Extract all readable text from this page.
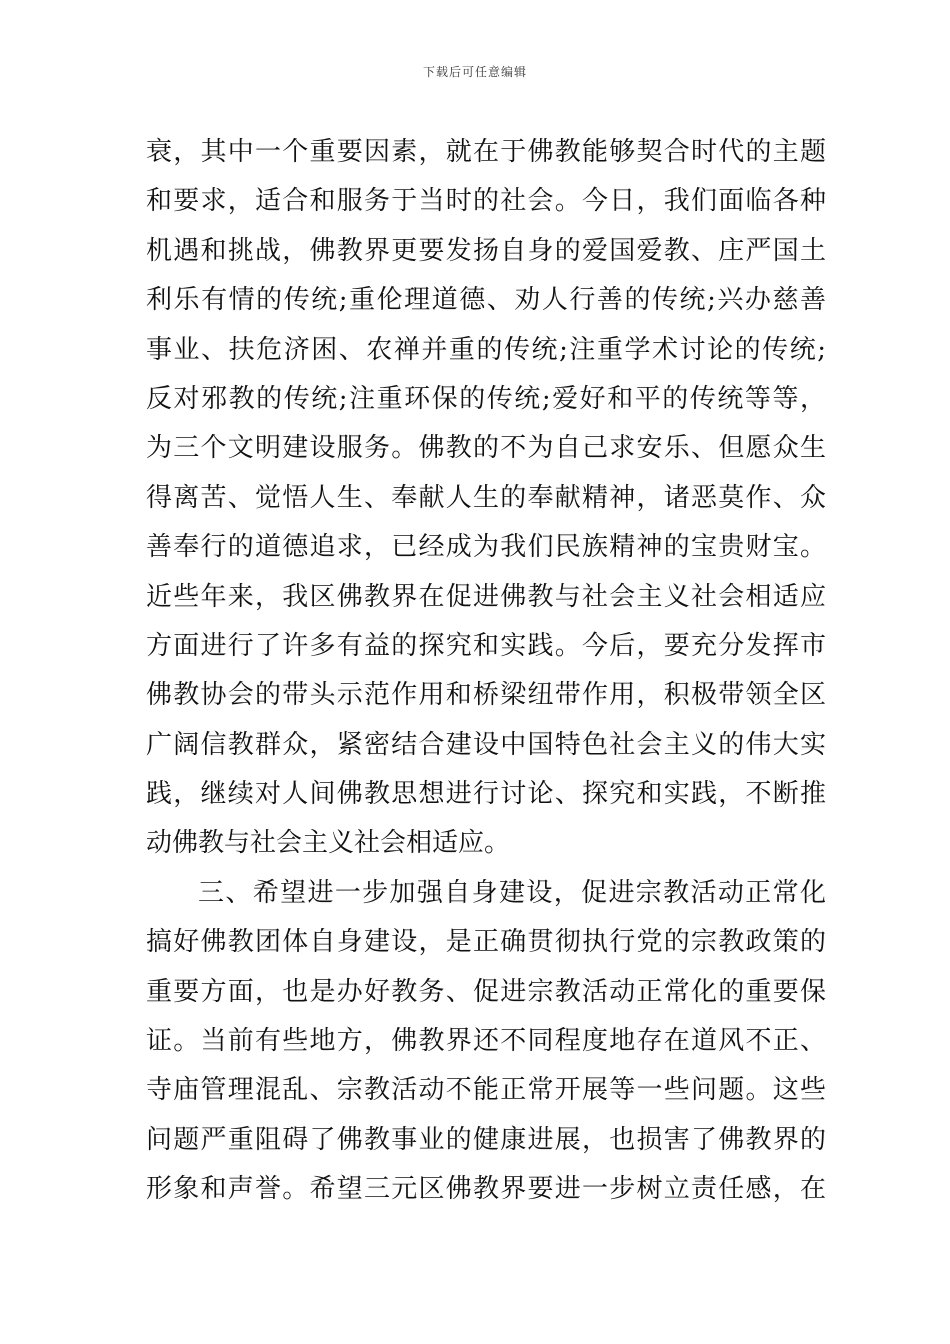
下载后可任意编辑
衰，其中一个重要因素，就在于佛教能够契合时代的主题
和要求，适合和服务于当时的社会。今日，我们面临各种
机遇和挑战，佛教界更要发扬自身的爱国爱教、庄严国土
利乐有情的传统;重伦理道德、劝人行善的传统;兴办慈善
事业、扶危济困、农禅并重的传统;注重学术讨论的传统;
反对邪教的传统;注重环保的传统;爱好和平的传统等等，
为三个文明建设服务。佛教的不为自己求安乐、但愿众生
得离苦、觉悟人生、奉献人生的奉献精神，诸恶莫作、众
善奉行的道德追求，已经成为我们民族精神的宝贵财宝。
近些年来，我区佛教界在促进佛教与社会主义社会相适应
方面进行了许多有益的探究和实践。今后，要充分发挥市
佛教协会的带头示范作用和桥梁纽带作用，积极带领全区
广阔信教群众，紧密结合建设中国特色社会主义的伟大实
践，继续对人间佛教思想进行讨论、探究和实践，不断推
动佛教与社会主义社会相适应。
三、希望进一步加强自身建设，促进宗教活动正常化
搞好佛教团体自身建设，是正确贯彻执行党的宗教政策的
重要方面，也是办好教务、促进宗教活动正常化的重要保
证。当前有些地方，佛教界还不同程度地存在道风不正、
寺庙管理混乱、宗教活动不能正常开展等一些问题。这些
问题严重阻碍了佛教事业的健康进展，也损害了佛教界的
形象和声誉。希望三元区佛教界要进一步树立责任感，在
